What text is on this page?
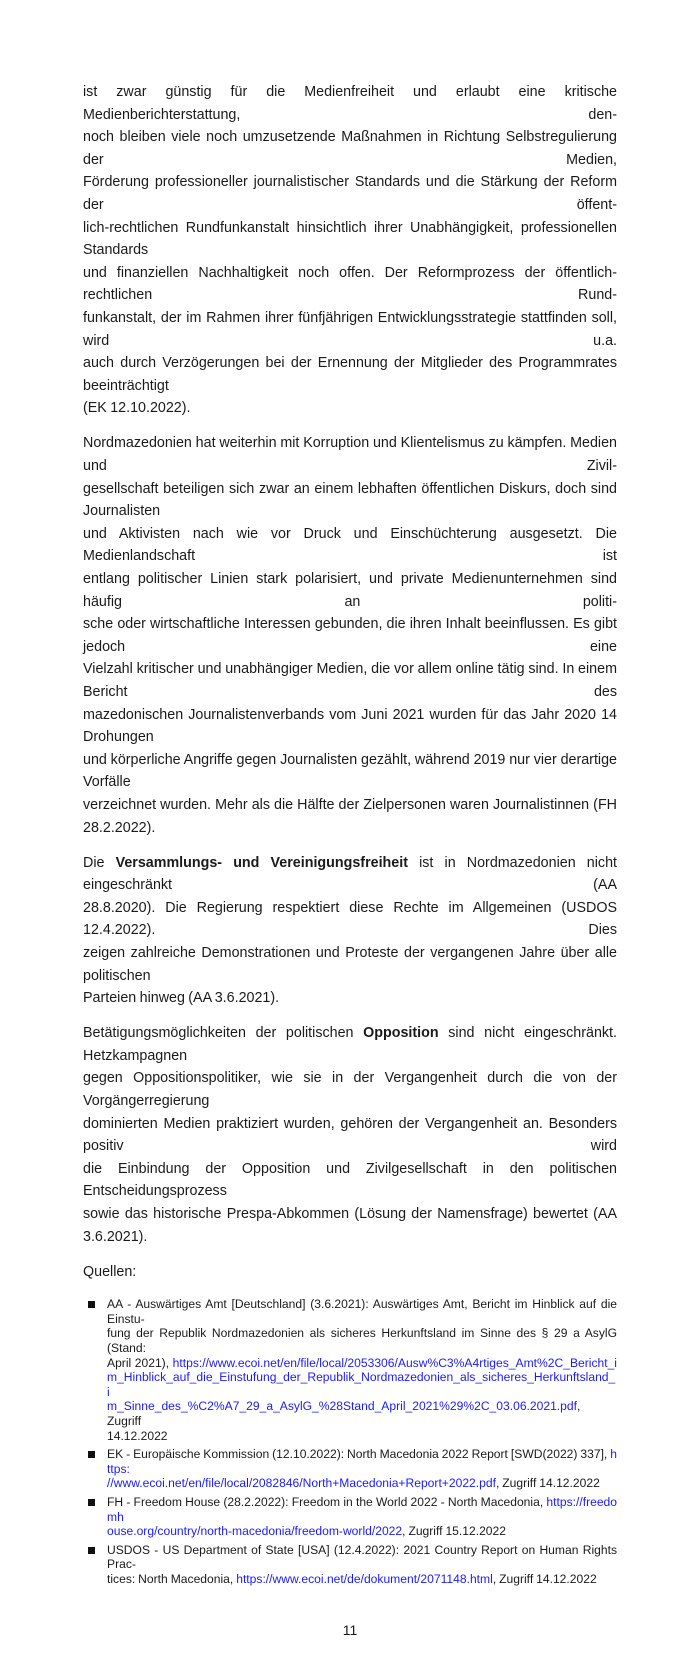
ist zwar günstig für die Medienfreiheit und erlaubt eine kritische Medienberichterstattung, den-
noch bleiben viele noch umzusetzende Maßnahmen in Richtung Selbstregulierung der Medien,
Förderung professioneller journalistischer Standards und die Stärkung der Reform der öffent-
lich-rechtlichen Rundfunkanstalt hinsichtlich ihrer Unabhängigkeit, professionellen Standards
und finanziellen Nachhaltigkeit noch offen. Der Reformprozess der öffentlich-rechtlichen Rund-
funkanstalt, der im Rahmen ihrer fünfjährigen Entwicklungsstrategie stattfinden soll, wird u.a.
auch durch Verzögerungen bei der Ernennung der Mitglieder des Programmrates beeinträchtigt
(EK 12.10.2022).

Nordmazedonien hat weiterhin mit Korruption und Klientelismus zu kämpfen. Medien und Zivil-
gesellschaft beteiligen sich zwar an einem lebhaften öffentlichen Diskurs, doch sind Journalisten
und Aktivisten nach wie vor Druck und Einschüchterung ausgesetzt. Die Medienlandschaft ist
entlang politischer Linien stark polarisiert, und private Medienunternehmen sind häufig an politi-
sche oder wirtschaftliche Interessen gebunden, die ihren Inhalt beeinflussen. Es gibt jedoch eine
Vielzahl kritischer und unabhängiger Medien, die vor allem online tätig sind. In einem Bericht des
mazedonischen Journalistenverbands vom Juni 2021 wurden für das Jahr 2020 14 Drohungen
und körperliche Angriffe gegen Journalisten gezählt, während 2019 nur vier derartige Vorfälle
verzeichnet wurden. Mehr als die Hälfte der Zielpersonen waren Journalistinnen (FH 28.2.2022).

Die Versammlungs- und Vereinigungsfreiheit ist in Nordmazedonien nicht eingeschränkt (AA
28.8.2020). Die Regierung respektiert diese Rechte im Allgemeinen (USDOS 12.4.2022). Dies
zeigen zahlreiche Demonstrationen und Proteste der vergangenen Jahre über alle politischen
Parteien hinweg (AA 3.6.2021).

Betätigungsmöglichkeiten der politischen Opposition sind nicht eingeschränkt. Hetzkampagnen
gegen Oppositionspolitiker, wie sie in der Vergangenheit durch die von der Vorgängerregierung
dominierten Medien praktiziert wurden, gehören der Vergangenheit an. Besonders positiv wird
die Einbindung der Opposition und Zivilgesellschaft in den politischen Entscheidungsprozess
sowie das historische Prespa-Abkommen (Lösung der Namensfrage) bewertet (AA 3.6.2021).

Quellen:
AA - Auswärtiges Amt [Deutschland] (3.6.2021): Auswärtiges Amt, Bericht im Hinblick auf die Einstu-
fung der Republik Nordmazedonien als sicheres Herkunftsland im Sinne des § 29 a AsylG (Stand:
April 2021), https://www.ecoi.net/en/file/local/2053306/Ausw%C3%A4rtiges_Amt%2C_Bericht_i
m_Hinblick_auf_die_Einstufung_der_Republik_Nordmazedonien_als_sicheres_Herkunftsland_i
m_Sinne_des_%C2%A7_29_a_AsylG_%28Stand_April_2021%29%2C_03.06.2021.pdf, Zugriff
14.12.2022
EK - Europäische Kommission (12.10.2022): North Macedonia 2022 Report [SWD(2022) 337], https:
//www.ecoi.net/en/file/local/2082846/North+Macedonia+Report+2022.pdf, Zugriff 14.12.2022
FH - Freedom House (28.2.2022): Freedom in the World 2022 - North Macedonia, https://freedomh
ouse.org/country/north-macedonia/freedom-world/2022, Zugriff 15.12.2022
USDOS - US Department of State [USA] (12.4.2022): 2021 Country Report on Human Rights Prac-
tices: North Macedonia, https://www.ecoi.net/de/dokument/2071148.html, Zugriff 14.12.2022
11
